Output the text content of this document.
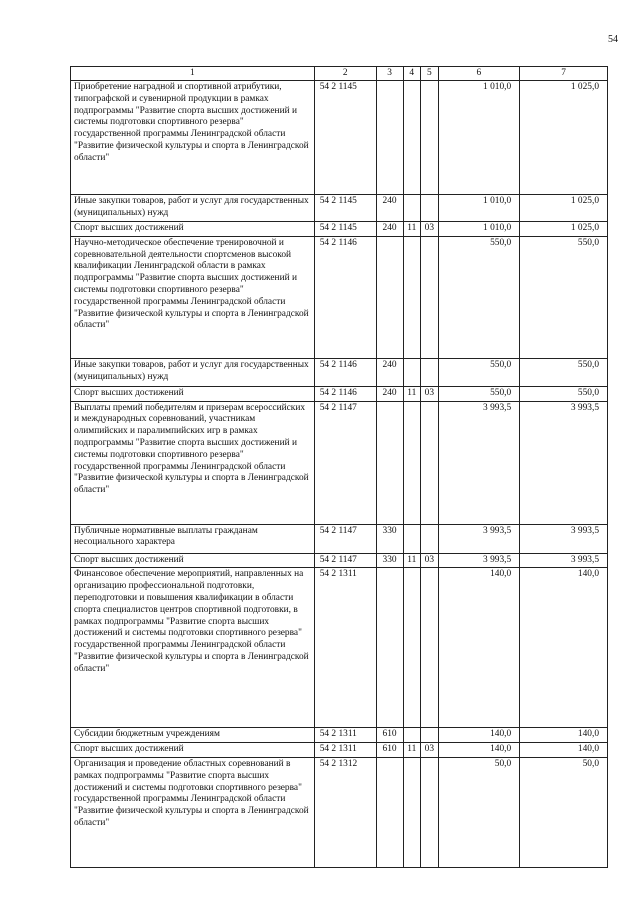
54
1	2	3	4	5	6	7
Приобретение наградной и спортивной атрибутики, типографской и сувенирной продукции в рамках подпрограммы "Развитие спорта высших достижений и системы подготовки спортивного резерва" государственной программы Ленинградской области "Развитие физической культуры и спорта в Ленинградской области"	54 2 1145				1 010,0	1 025,0
Иные закупки товаров, работ и услуг для государственных (муниципальных) нужд	54 2 1145	240			1 010,0	1 025,0
Спорт высших достижений	54 2 1145	240	11	03	1 010,0	1 025,0
Научно-методическое обеспечение тренировочной и соревновательной деятельности спортсменов высокой квалификации Ленинградской области в рамках подпрограммы "Развитие спорта высших достижений и системы подготовки спортивного резерва" государственной программы Ленинградской области "Развитие физической культуры и спорта в Ленинградской области"	54 2 1146				550,0	550,0
Иные закупки товаров, работ и услуг для государственных (муниципальных) нужд	54 2 1146	240			550,0	550,0
Спорт высших достижений	54 2 1146	240	11	03	550,0	550,0
Выплаты премий победителям и призерам всероссийских и международных соревнований, участникам олимпийских и паралимпийских игр в рамках подпрограммы "Развитие спорта высших достижений и системы подготовки спортивного резерва" государственной программы Ленинградской области "Развитие физической культуры и спорта в Ленинградской области"	54 2 1147				3 993,5	3 993,5
Публичные нормативные выплаты гражданам несоциального характера	54 2 1147	330			3 993,5	3 993,5
Спорт высших достижений	54 2 1147	330	11	03	3 993,5	3 993,5
Финансовое обеспечение мероприятий, направленных на организацию профессиональной подготовки, переподготовки и повышения квалификации в области спорта специалистов центров спортивной подготовки, в рамках подпрограммы "Развитие спорта высших достижений и системы подготовки спортивного резерва" государственной программы Ленинградской области "Развитие физической культуры и спорта в Ленинградской области"	54 2 1311				140,0	140,0
Субсидии бюджетным учреждениям	54 2 1311	610			140,0	140,0
Спорт высших достижений	54 2 1311	610	11	03	140,0	140,0
Организация и проведение областных соревнований в рамках подпрограммы "Развитие спорта высших достижений и системы подготовки спортивного резерва" государственной программы Ленинградской области "Развитие физической культуры и спорта в Ленинградской области"	54 2 1312				50,0	50,0
